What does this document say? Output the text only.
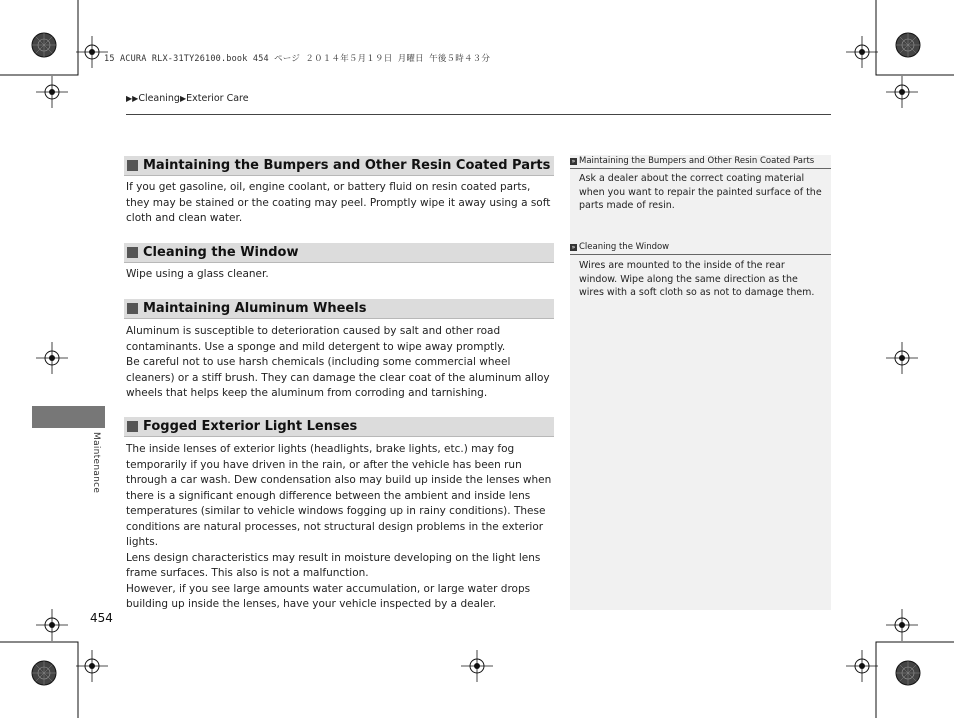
15 ACURA RLX-31TY26100.book 454 ページ ２０１４年５月１９日 月曜日 午後５時４３分
▶▶Cleaning▶Exterior Care
Maintaining the Bumpers and Other Resin Coated Parts

If you get gasoline, oil, engine coolant, or battery fluid on resin coated parts, they may be stained or the coating may peel. Promptly wipe it away using a soft cloth and clean water.

Cleaning the Window

Wipe using a glass cleaner.

Maintaining Aluminum Wheels

Aluminum is susceptible to deterioration caused by salt and other road contaminants. Use a sponge and mild detergent to wipe away promptly.

Be careful not to use harsh chemicals (including some commercial wheel cleaners) or a stiff brush. They can damage the clear coat of the aluminum alloy wheels that helps keep the aluminum from corroding and tarnishing.

Fogged Exterior Light Lenses

The inside lenses of exterior lights (headlights, brake lights, etc.) may fog temporarily if you have driven in the rain, or after the vehicle has been run through a car wash. Dew condensation also may build up inside the lenses when there is a significant enough difference between the ambient and inside lens temperatures (similar to vehicle windows fogging up in rainy conditions). These conditions are natural processes, not structural design problems in the exterior lights.

Lens design characteristics may result in moisture developing on the light lens frame surfaces. This also is not a malfunction.

However, if you see large amounts water accumulation, or large water drops building up inside the lenses, have your vehicle inspected by a dealer.

» Maintaining the Bumpers and Other Resin Coated Parts
Ask a dealer about the correct coating material when you want to repair the painted surface of the parts made of resin.
» Cleaning the Window
Wires are mounted to the inside of the rear window. Wipe along the same direction as the wires with a soft cloth so as not to damage them.
Maintenance
454
